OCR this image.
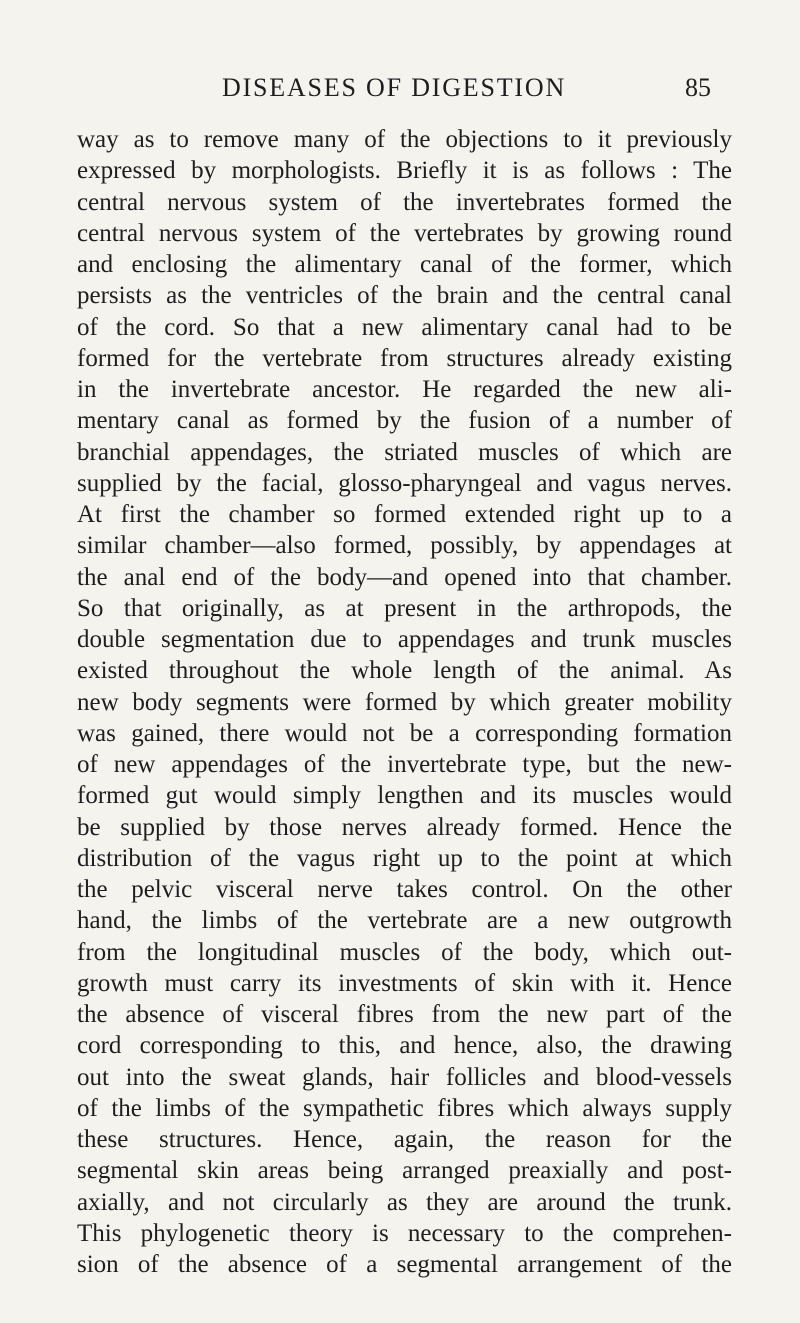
DISEASES OF DIGESTION	85
way as to remove many of the objections to it previously
expressed by morphologists. Briefly it is as follows : The
central nervous system of the invertebrates formed the
central nervous system of the vertebrates by growing round
and enclosing the alimentary canal of the former, which
persists as the ventricles of the brain and the central canal
of the cord. So that a new alimentary canal had to be
formed for the vertebrate from structures already existing
in the invertebrate ancestor. He regarded the new ali-
mentary canal as formed by the fusion of a number of
branchial appendages, the striated muscles of which are
supplied by the facial, glosso-pharyngeal and vagus nerves.
At first the chamber so formed extended right up to a
similar chamber—also formed, possibly, by appendages at
the anal end of the body—and opened into that chamber.
So that originally, as at present in the arthropods, the
double segmentation due to appendages and trunk muscles
existed throughout the whole length of the animal. As
new body segments were formed by which greater mobility
was gained, there would not be a corresponding formation
of new appendages of the invertebrate type, but the new-
formed gut would simply lengthen and its muscles would
be supplied by those nerves already formed. Hence the
distribution of the vagus right up to the point at which
the pelvic visceral nerve takes control. On the other
hand, the limbs of the vertebrate are a new outgrowth
from the longitudinal muscles of the body, which out-
growth must carry its investments of skin with it. Hence
the absence of visceral fibres from the new part of the
cord corresponding to this, and hence, also, the drawing
out into the sweat glands, hair follicles and blood-vessels
of the limbs of the sympathetic fibres which always supply
these structures. Hence, again, the reason for the
segmental skin areas being arranged preaxially and post-
axially, and not circularly as they are around the trunk.
This phylogenetic theory is necessary to the comprehen-
sion of the absence of a segmental arrangement of the
